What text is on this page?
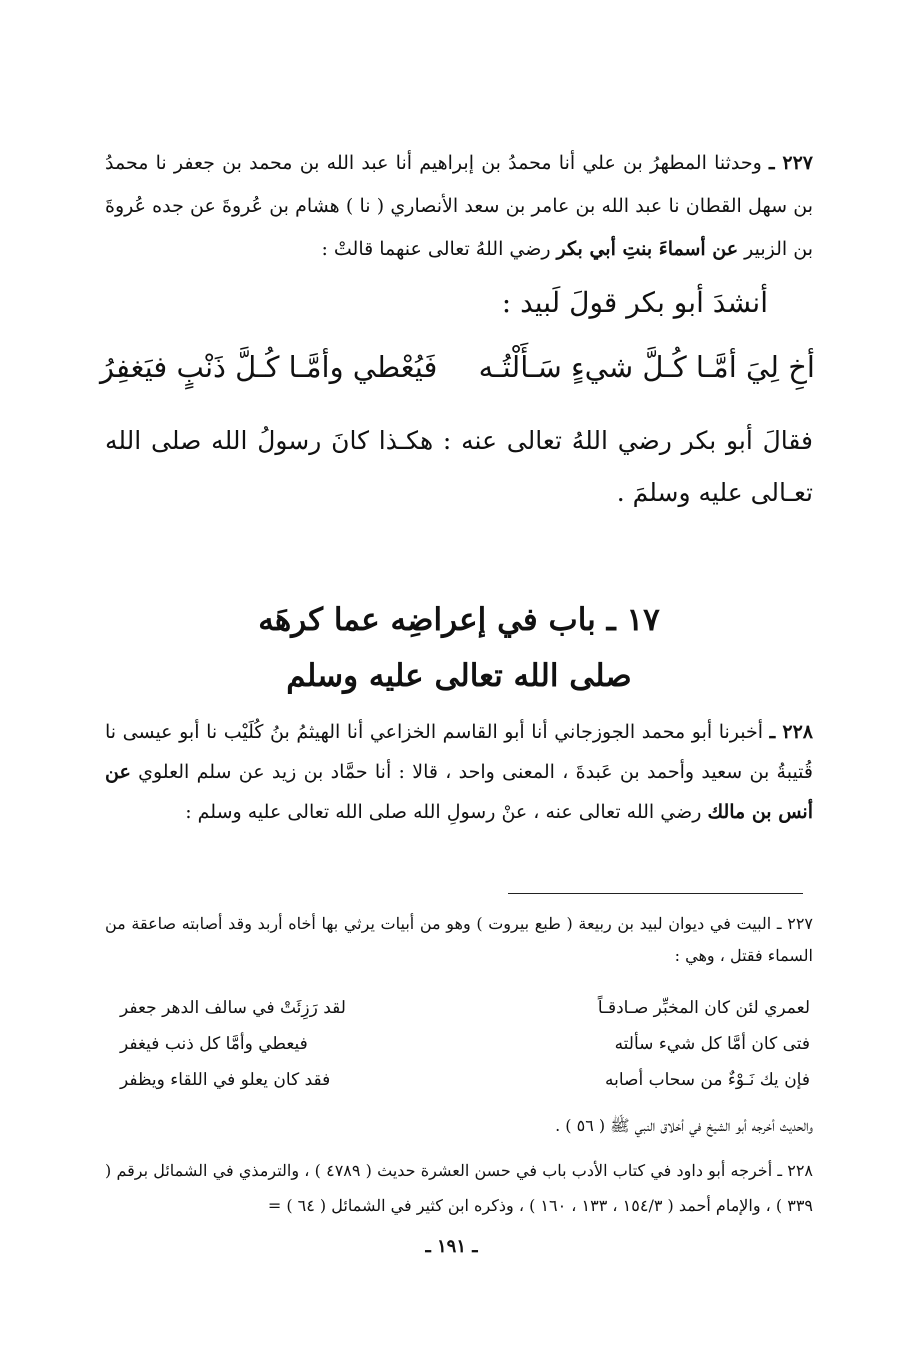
٢٢٧ ـ وحدثنا المطهرُ بن علي أنا محمدُ بن إبراهيم أنا عبد الله بن محمد بن جعفر نا محمدُ بن سهل القطان نا عبد الله بن عامر بن سعد الأنصاري ( نا ) هشام بن عُروةَ عن جده عُروةَ بن الزبير عن أسماءَ بنتِ أبي بكر رضي اللهُ تعالى عنهما قالتْ :
أنشدَ أبو بكر قولَ لَبيد :
أخِ لِيَ أمَّـا كُـلَّ شيءٍ سَـأَلْتُـه
فَيُعْطي وأمَّـا كُـلَّ ذَنْبٍ فيَغفِرُ
فقالَ أبو بكر رضي اللهُ تعالى عنه : هكـذا كانَ رسولُ الله صلى الله تعـالى عليه وسلمَ .
١٧ ـ باب في إعراضِه عما كرهَه
صلى الله تعالى عليه وسلم
٢٢٨ ـ أخبرنا أبو محمد الجوزجاني أنا أبو القاسم الخزاعي أنا الهيثمُ بنُ كُلَيْب نا أبو عيسى نا قُتيبةُ بن سعيد وأحمد بن عَبدةَ ، المعنى واحد ، قالا : أنا حمَّاد بن زيد عن سلم العلوي عن أنس بن مالك رضي الله تعالى عنه ، عنْ رسولِ الله صلى الله تعالى عليه وسلم :
٢٢٧ ـ البيت في ديوان لبيد بن ربيعة ( طبع بيروت ) وهو من أبيات يرثي بها أخاه أربد وقد أصابته صاعقة من السماء فقتل ، وهي :
لعمري لئن كان المخبِّر صـادقـاً
لقد رَزِئَتْ في سالف الدهر جعفر
فتى كان أمَّا كل شيء سألته
فيعطي وأمَّا كل ذنب فيغفر
فإن يك نَـوْءٌ من سحاب أصابه
فقد كان يعلو في اللقاء ويظفر
والحديث أخرجه أبو الشيخ في أخلاق النبي ﷺ ( ٥٦ ) .
٢٢٨ ـ أخرجه أبو داود في كتاب الأدب باب في حسن العشرة حديث ( ٤٧٨٩ ) ، والترمذي في الشمائل برقم ( ٣٣٩ ) ، والإمام أحمد ( ١٥٤/٣ ، ١٣٣ ، ١٦٠ ) ، وذكره ابن كثير في الشمائل ( ٦٤ ) =
ـ ١٩١ ـ
